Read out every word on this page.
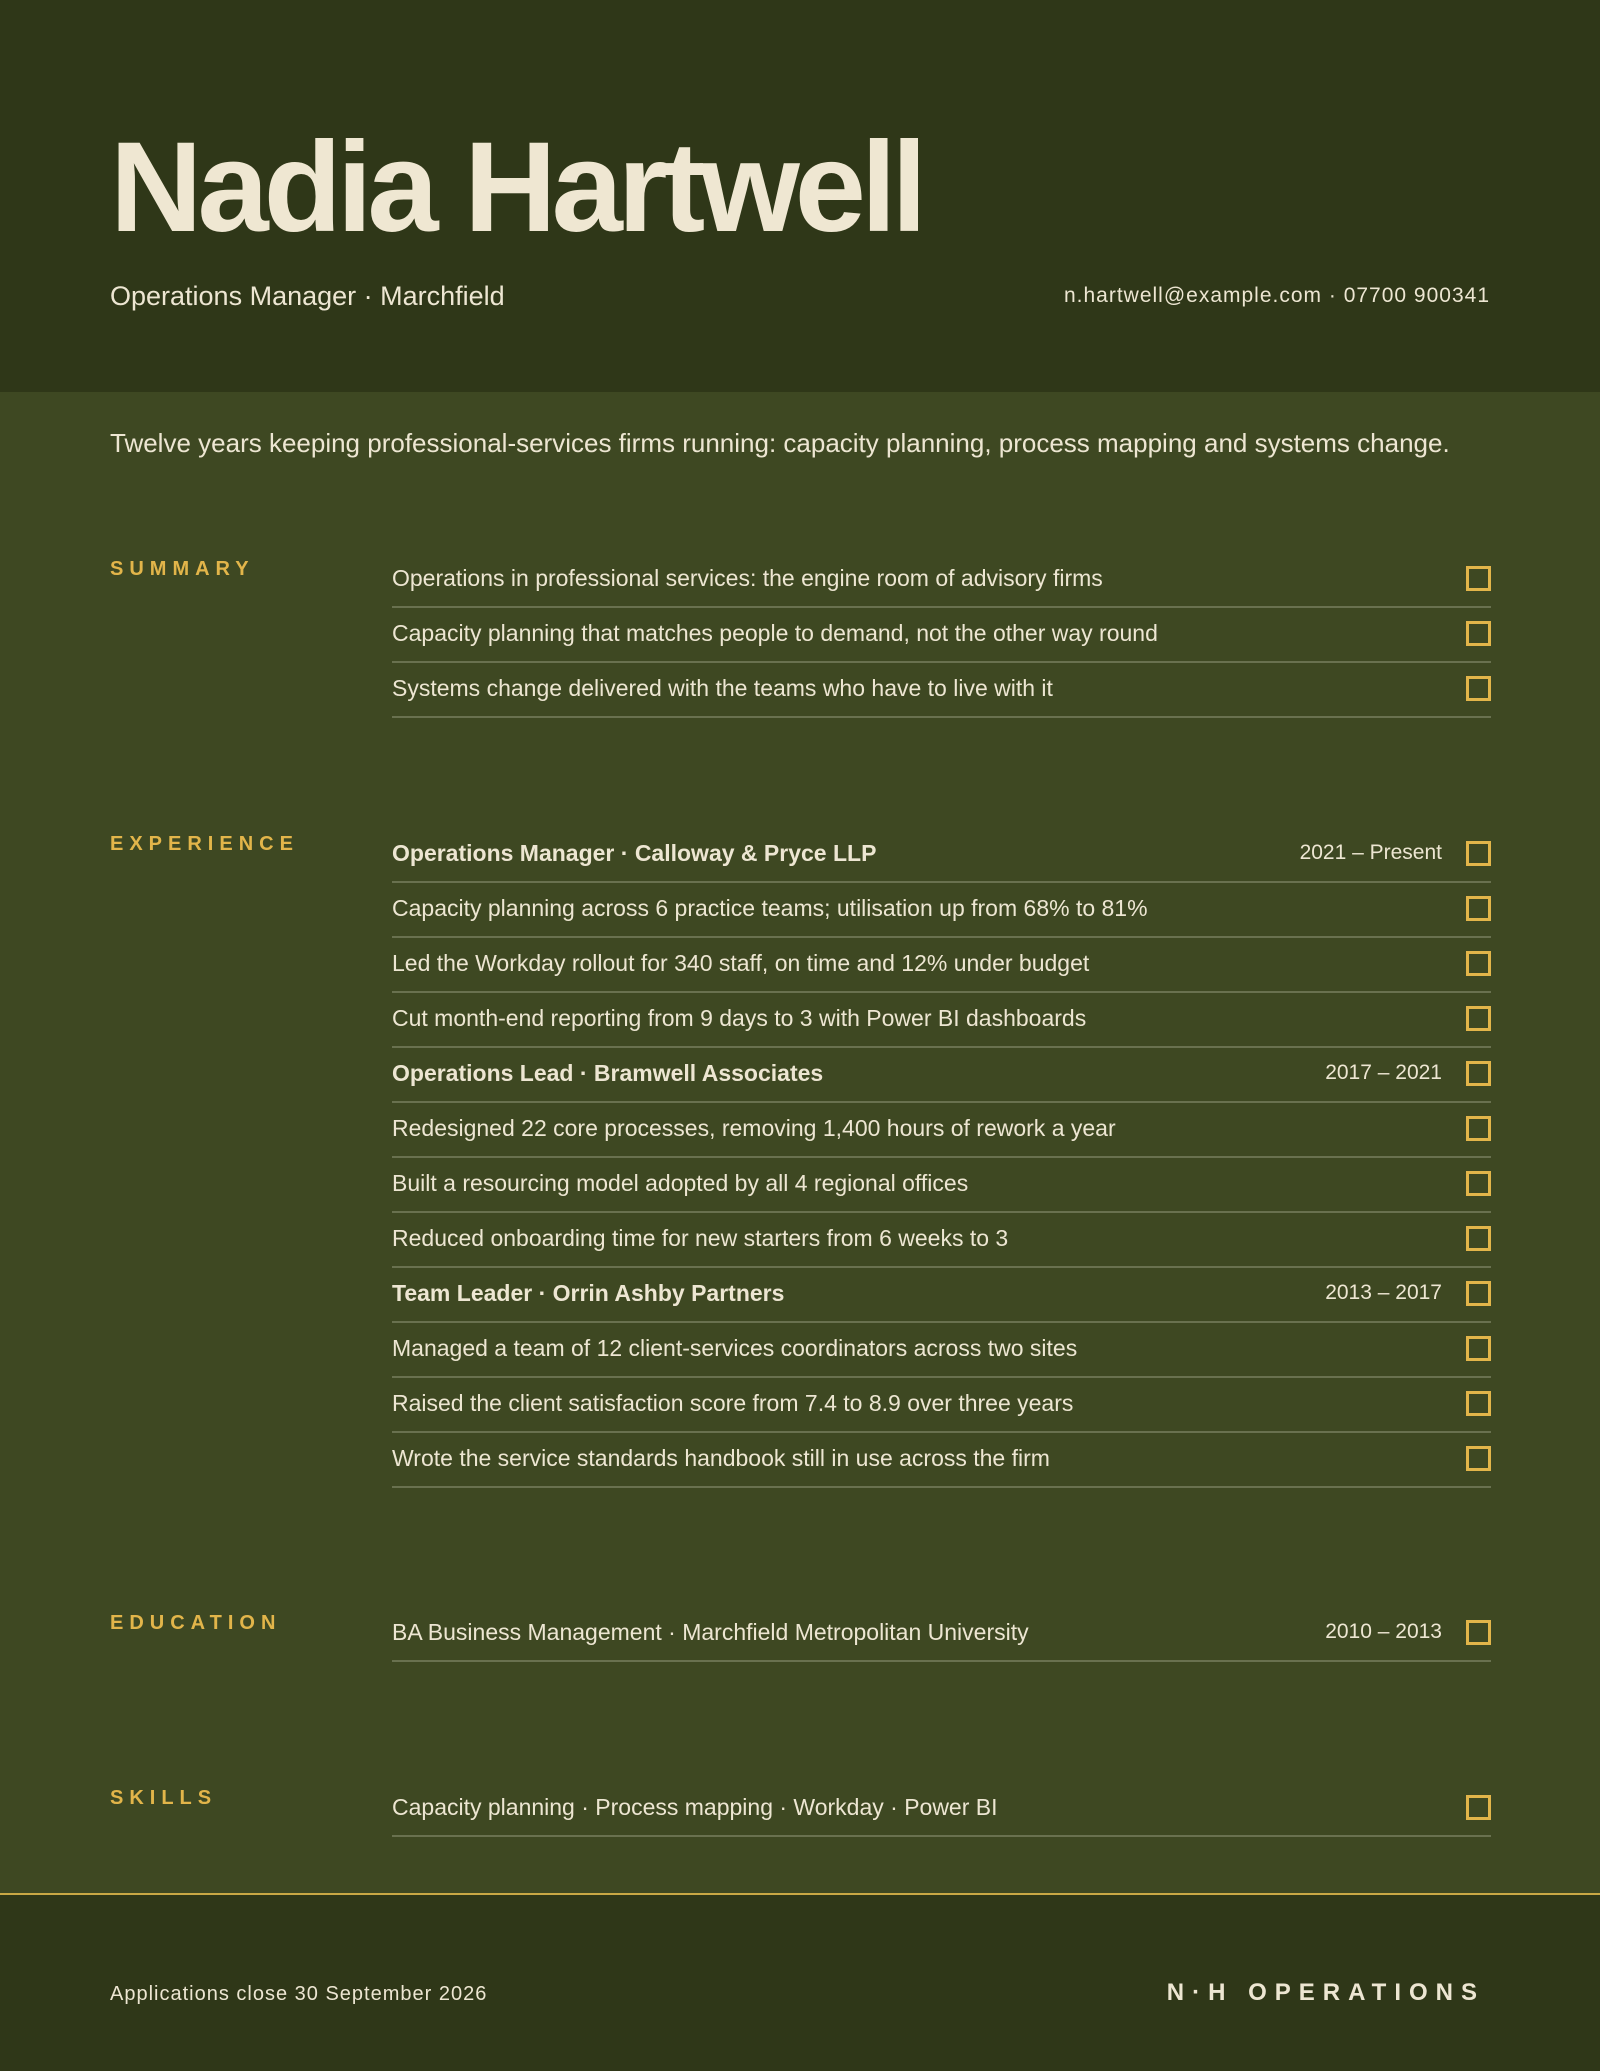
Nadia Hartwell
Operations Manager · Marchfield	n.hartwell@example.com · 07700 900341
Twelve years keeping professional-services firms running: capacity planning, process mapping and systems change.
SUMMARY	Operations in professional services: the engine room of advisory firms
Capacity planning that matches people to demand, not the other way round
Systems change delivered with the teams who have to live with it
EXPERIENCE	Operations Manager · Calloway & Pryce LLP	2021 – Present
Capacity planning across 6 practice teams; utilisation up from 68% to 81%
Led the Workday rollout for 340 staff, on time and 12% under budget
Cut month-end reporting from 9 days to 3 with Power BI dashboards
Operations Lead · Bramwell Associates	2017 – 2021
Redesigned 22 core processes, removing 1,400 hours of rework a year
Built a resourcing model adopted by all 4 regional offices
Reduced onboarding time for new starters from 6 weeks to 3
Team Leader · Orrin Ashby Partners	2013 – 2017
Managed a team of 12 client-services coordinators across two sites
Raised the client satisfaction score from 7.4 to 8.9 over three years
Wrote the service standards handbook still in use across the firm
EDUCATION	BA Business Management · Marchfield Metropolitan University	2010 – 2013
SKILLS	Capacity planning · Process mapping · Workday · Power BI
Applications close 30 September 2026	N·H OPERATIONS
